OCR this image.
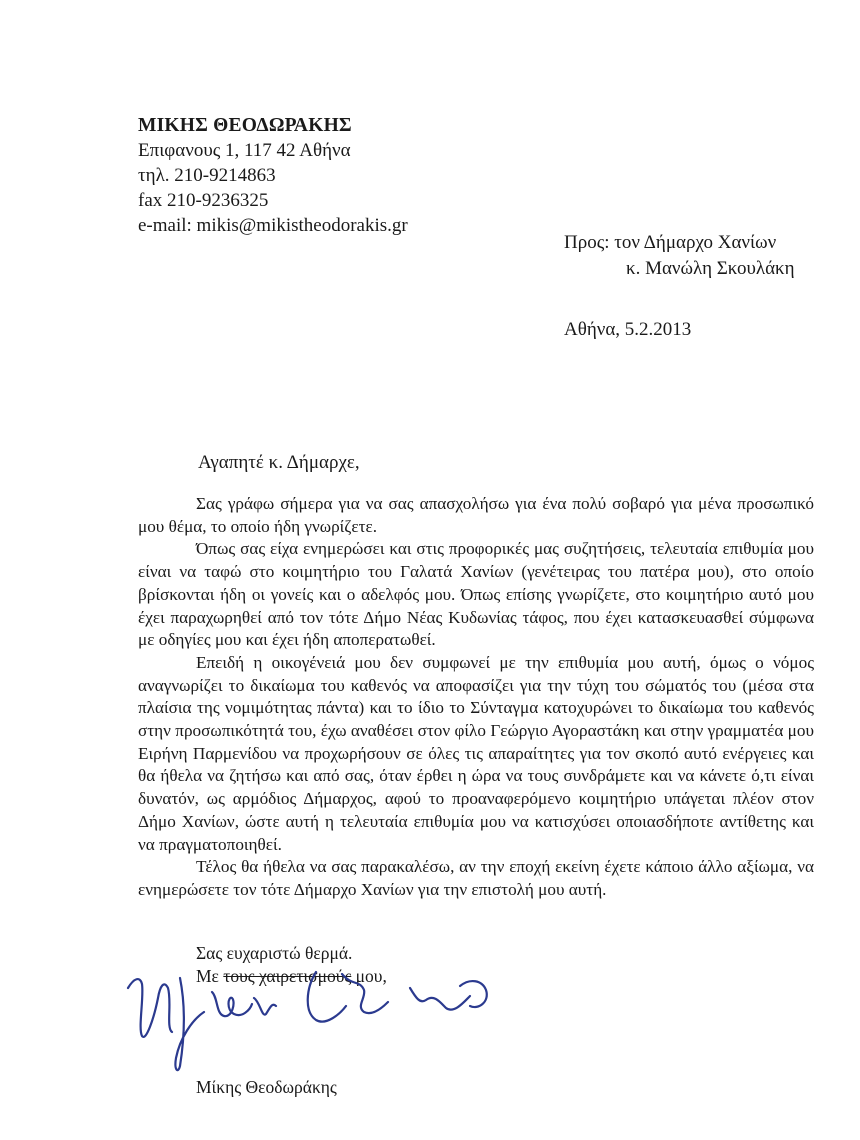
ΜΙΚΗΣ ΘΕΟΔΩΡΑΚΗΣ
Επιφανους 1, 117 42 Αθήνα
τηλ. 210-9214863
fax 210-9236325
e-mail: mikis@mikistheodorakis.gr
Προς: τον Δήμαρχο Χανίων
κ. Μανώλη Σκουλάκη
Αθήνα, 5.2.2013
Αγαπητέ κ. Δήμαρχε,

Σας γράφω σήμερα για να σας απασχολήσω για ένα πολύ σοβαρό για μένα προσωπικό μου θέμα, το οποίο ήδη γνωρίζετε.

Όπως σας είχα ενημερώσει και στις προφορικές μας συζητήσεις, τελευταία επιθυμία μου είναι να ταφώ στο κοιμητήριο του Γαλατά Χανίων (γενέτειρας του πατέρα μου), στο οποίο βρίσκονται ήδη οι γονείς και ο αδελφός μου. Όπως επίσης γνωρίζετε, στο κοιμητήριο αυτό μου έχει παραχωρηθεί από τον τότε Δήμο Νέας Κυδωνίας τάφος, που έχει κατασκευασθεί σύμφωνα με οδηγίες μου και έχει ήδη αποπερατωθεί.

Επειδή η οικογένειά μου δεν συμφωνεί με την επιθυμία μου αυτή, όμως ο νόμος αναγνωρίζει το δικαίωμα του καθενός να αποφασίζει για την τύχη του σώματός του (μέσα στα πλαίσια της νομιμότητας πάντα) και το ίδιο το Σύνταγμα κατοχυρώνει το δικαίωμα του καθενός στην προσωπικότητά του, έχω αναθέσει στον φίλο Γεώργιο Αγοραστάκη και στην γραμματέα μου Ειρήνη Παρμενίδου να προχωρήσουν σε όλες τις απαραίτητες για τον σκοπό αυτό ενέργειες και θα ήθελα να ζητήσω και από σας, όταν έρθει η ώρα να τους συνδράμετε και να κάνετε ό,τι είναι δυνατόν, ως αρμόδιος Δήμαρχος, αφού το προαναφερόμενο κοιμητήριο υπάγεται πλέον στον Δήμο Χανίων, ώστε αυτή η τελευταία επιθυμία μου να κατισχύσει οποιασδήποτε αντίθετης και να πραγματοποιηθεί.

Τέλος θα ήθελα να σας παρακαλέσω, αν την εποχή εκείνη έχετε κάποιο άλλο αξίωμα, να ενημερώσετε τον τότε Δήμαρχο Χανίων για την επιστολή μου αυτή.

Σας ευχαριστώ θερμά.
Με τους χαιρετισμούς μου,
Μίκης Θεοδωράκης
